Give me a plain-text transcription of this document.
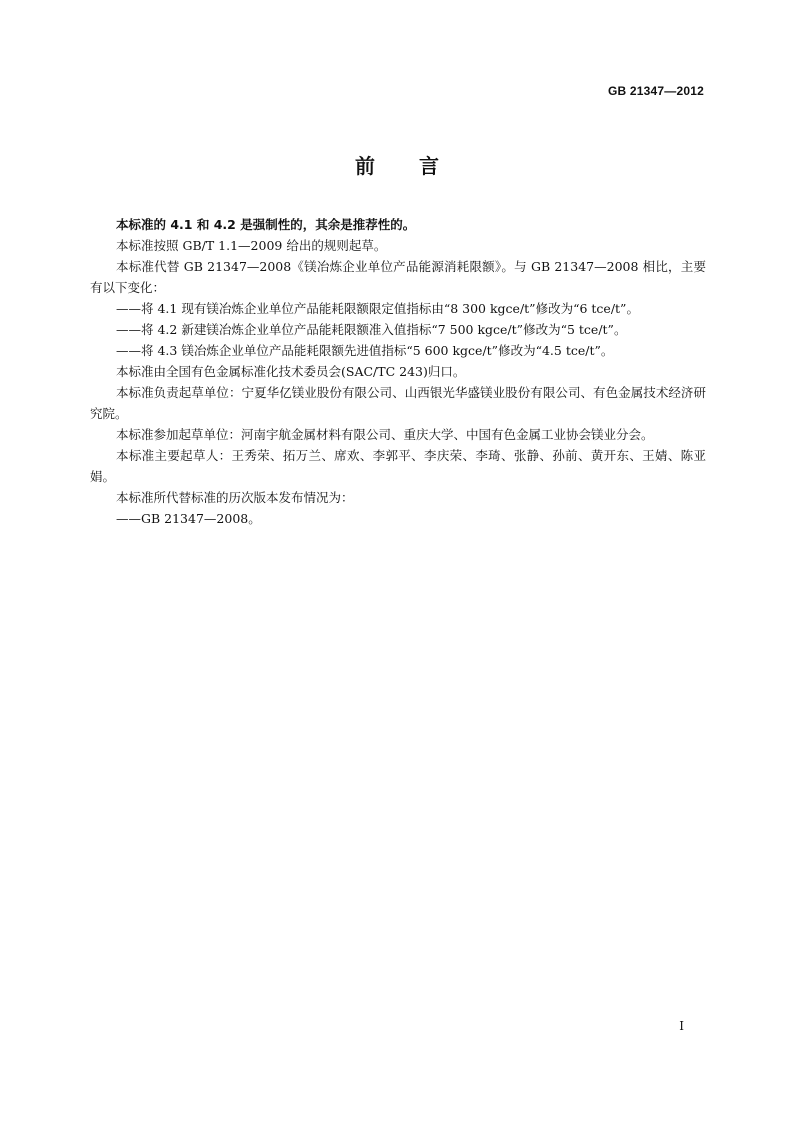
GB 21347—2012
前言

本标准的 4.1 和 4.2 是强制性的，其余是推荐性的。

本标准按照 GB/T 1.1—2009 给出的规则起草。

本标准代替 GB 21347—2008《镁冶炼企业单位产品能源消耗限额》。与 GB 21347—2008 相比，主要有以下变化：

——将 4.1 现有镁冶炼企业单位产品能耗限额限定值指标由“8 300 kgce/t”修改为“6 tce/t”。

——将 4.2 新建镁冶炼企业单位产品能耗限额准入值指标“7 500 kgce/t”修改为“5 tce/t”。

——将 4.3 镁冶炼企业单位产品能耗限额先进值指标“5 600 kgce/t”修改为“4.5 tce/t”。

本标准由全国有色金属标准化技术委员会(SAC/TC 243)归口。

本标准负责起草单位：宁夏华亿镁业股份有限公司、山西银光华盛镁业股份有限公司、有色金属技术经济研究院。

本标准参加起草单位：河南宇航金属材料有限公司、重庆大学、中国有色金属工业协会镁业分会。

本标准主要起草人：王秀荣、拓万兰、席欢、李郭平、李庆荣、李琦、张静、孙前、黄开东、王婧、陈亚娟。

本标准所代替标准的历次版本发布情况为：

——GB 21347—2008。

I
